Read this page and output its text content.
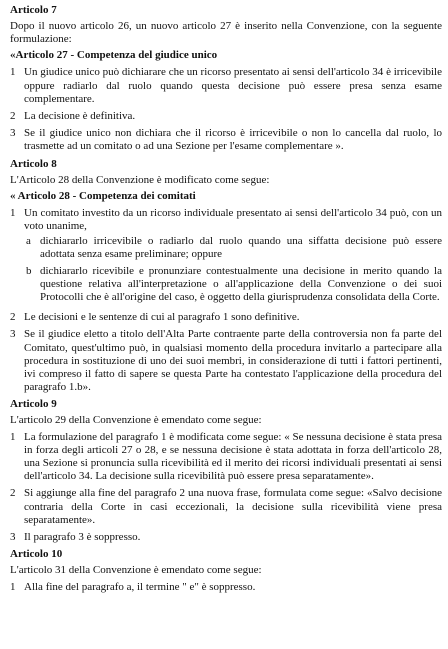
Articolo 7
Dopo il nuovo articolo 26, un nuovo articolo 27 è inserito nella Convenzione, con la seguente formulazione:
«Articolo 27 - Competenza del giudice unico
1 Un giudice unico può dichiarare che un ricorso presentato ai sensi dell'articolo 34 è irricevibile oppure radiarlo dal ruolo quando questa decisione può essere presa senza esame complementare.
2 La decisione è definitiva.
3 Se il giudice unico non dichiara che il ricorso è irricevibile o non lo cancella dal ruolo, lo trasmette ad un comitato o ad una Sezione per l'esame complementare ».
Articolo 8
L'Articolo 28 della Convenzione è modificato come segue:
« Articolo 28 - Competenza dei comitati
1 Un comitato investito da un ricorso individuale presentato ai sensi dell'articolo 34 può, con un voto unanime,
a dichiararlo irricevibile o radiarlo dal ruolo quando una siffatta decisione può essere adottata senza esame preliminare; oppure
b dichiararlo ricevibile e pronunziare contestualmente una decisione in merito quando la questione relativa all'interpretazione o all'applicazione della Convenzione o dei suoi Protocolli che è all'origine del caso, è oggetto della giurisprudenza consolidata della Corte.
2 Le decisioni e le sentenze di cui al paragrafo 1 sono definitive.
3 Se il giudice eletto a titolo dell'Alta Parte contraente parte della controversia non fa parte del Comitato, quest'ultimo può, in qualsiasi momento della procedura invitarlo a partecipare alla procedura in sostituzione di uno dei suoi membri, in considerazione di tutti i fattori pertinenti, ivi compreso il fatto di sapere se questa Parte ha contestato l'applicazione della procedura del paragrafo 1.b».
Articolo 9
L'articolo 29 della Convenzione è emendato come segue:
1 La formulazione del paragrafo 1 è modificata come segue: « Se nessuna decisione è stata presa in forza degli articoli 27 o 28, e se nessuna decisione è stata adottata in forza dell'articolo 28, una Sezione si pronuncia sulla ricevibilità ed il merito dei ricorsi individuali presentati ai sensi dell'articolo 34. La decisione sulla ricevibilità può essere presa separatamente».
2 Si aggiunge alla fine del paragrafo 2 una nuova frase, formulata come segue: «Salvo decisione contraria della Corte in casi eccezionali, la decisione sulla ricevibilità viene presa separatamente».
3 Il paragrafo 3 è soppresso.
Articolo 10
L'articolo 31 della Convenzione è emendato come segue:
1 Alla fine del paragrafo a, il termine " e" è soppresso.
